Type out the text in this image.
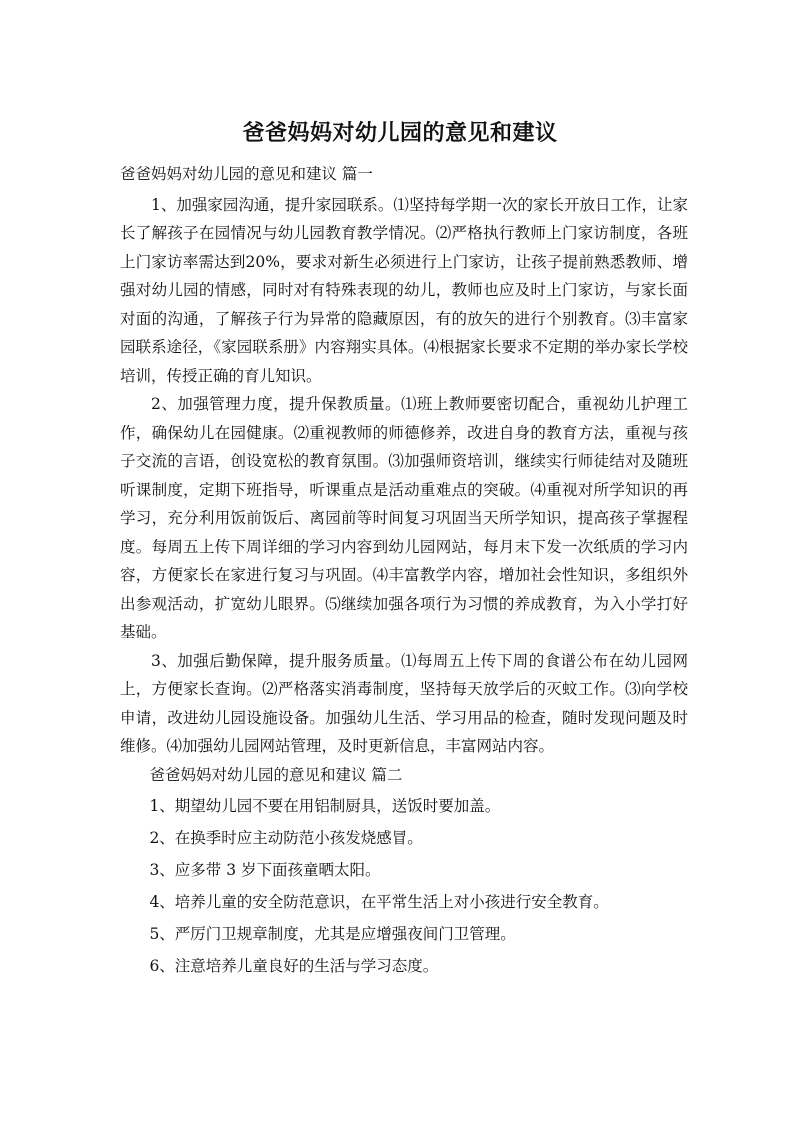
爸爸妈妈对幼儿园的意见和建议

爸爸妈妈对幼儿园的意见和建议 篇一

1、加强家园沟通，提升家园联系。⑴坚持每学期一次的家长开放日工作，让家长了解孩子在园情况与幼儿园教育教学情况。⑵严格执行教师上门家访制度，各班上门家访率需达到20%，要求对新生必须进行上门家访，让孩子提前熟悉教师、增强对幼儿园的情感，同时对有特殊表现的幼儿，教师也应及时上门家访，与家长面对面的沟通，了解孩子行为异常的隐藏原因，有的放矢的进行个别教育。⑶丰富家园联系途径，《家园联系册》内容翔实具体。⑷根据家长要求不定期的举办家长学校培训，传授正确的育儿知识。

2、加强管理力度，提升保教质量。⑴班上教师要密切配合，重视幼儿护理工作，确保幼儿在园健康。⑵重视教师的师德修养，改进自身的教育方法，重视与孩子交流的言语，创设宽松的教育氛围。⑶加强师资培训，继续实行师徒结对及随班听课制度，定期下班指导，听课重点是活动重难点的突破。⑷重视对所学知识的再学习，充分利用饭前饭后、离园前等时间复习巩固当天所学知识，提高孩子掌握程度。每周五上传下周详细的学习内容到幼儿园网站，每月末下发一次纸质的学习内容，方便家长在家进行复习与巩固。⑷丰富教学内容，增加社会性知识，多组织外出参观活动，扩宽幼儿眼界。⑸继续加强各项行为习惯的养成教育，为入小学打好基础。

3、加强后勤保障，提升服务质量。⑴每周五上传下周的食谱公布在幼儿园网上，方便家长查询。⑵严格落实消毒制度，坚持每天放学后的灭蚊工作。⑶向学校申请，改进幼儿园设施设备。加强幼儿生活、学习用品的检查，随时发现问题及时维修。⑷加强幼儿园网站管理，及时更新信息，丰富网站内容。

爸爸妈妈对幼儿园的意见和建议 篇二

1、期望幼儿园不要在用铝制厨具，送饭时要加盖。

2、在换季时应主动防范小孩发烧感冒。

3、应多带 3 岁下面孩童晒太阳。

4、培养儿童的安全防范意识，在平常生活上对小孩进行安全教育。

5、严厉门卫规章制度，尤其是应增强夜间门卫管理。

6、注意培养儿童良好的生活与学习态度。
